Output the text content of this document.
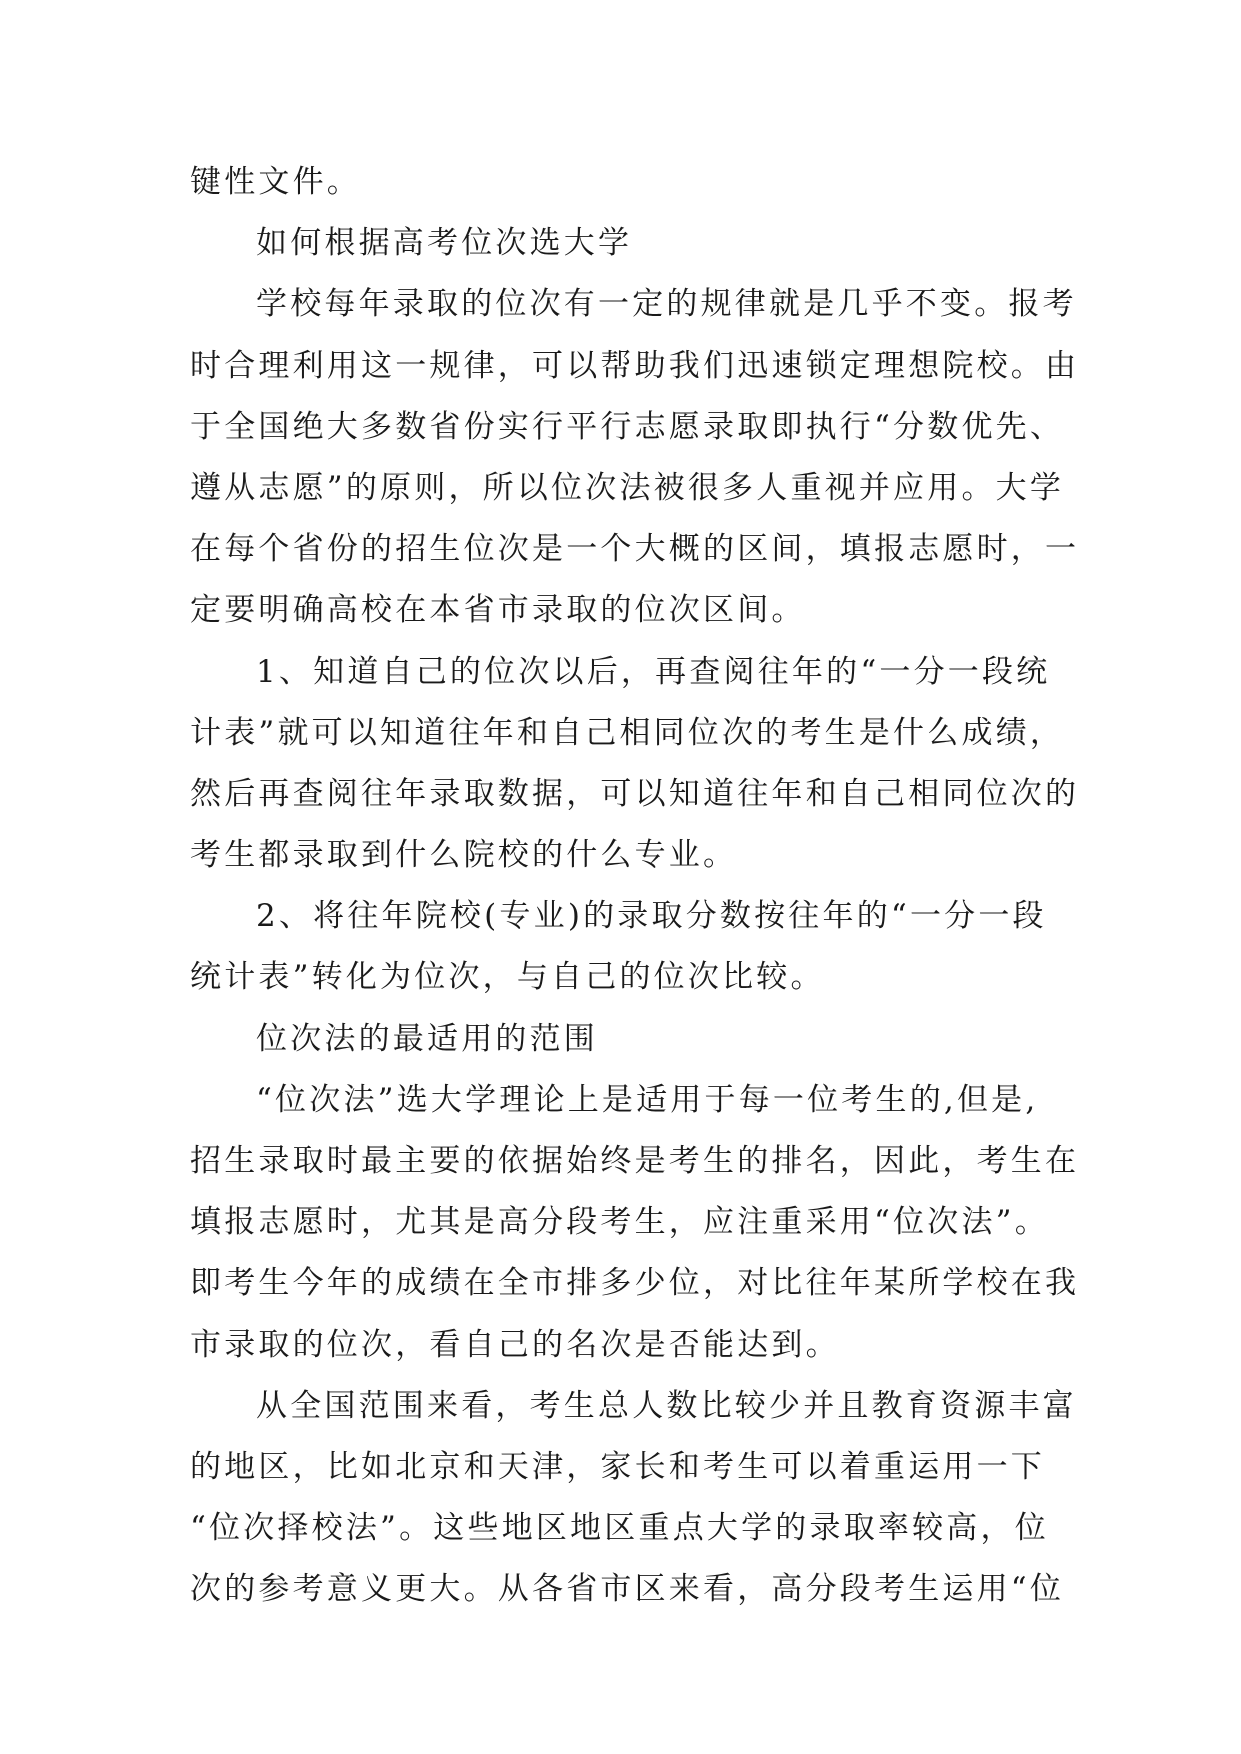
键性文件。
如何根据高考位次选大学
学校每年录取的位次有一定的规律就是几乎不变。报考
时合理利用这一规律，可以帮助我们迅速锁定理想院校。由
于全国绝大多数省份实行平行志愿录取即执行“分数优先、
遵从志愿”的原则，所以位次法被很多人重视并应用。大学
在每个省份的招生位次是一个大概的区间，填报志愿时，一
定要明确高校在本省市录取的位次区间。
1、知道自己的位次以后，再查阅往年的“一分一段统
计表”就可以知道往年和自己相同位次的考生是什么成绩，
然后再查阅往年录取数据，可以知道往年和自己相同位次的
考生都录取到什么院校的什么专业。
2、将往年院校(专业)的录取分数按往年的“一分一段
统计表”转化为位次，与自己的位次比较。
位次法的最适用的范围
“位次法”选大学理论上是适用于每一位考生的,但是,
招生录取时最主要的依据始终是考生的排名，因此，考生在
填报志愿时，尤其是高分段考生，应注重采用“位次法”。
即考生今年的成绩在全市排多少位，对比往年某所学校在我
市录取的位次，看自己的名次是否能达到。
从全国范围来看，考生总人数比较少并且教育资源丰富
的地区，比如北京和天津，家长和考生可以着重运用一下
“位次择校法”。这些地区地区重点大学的录取率较高，位
次的参考意义更大。从各省市区来看，高分段考生运用“位
